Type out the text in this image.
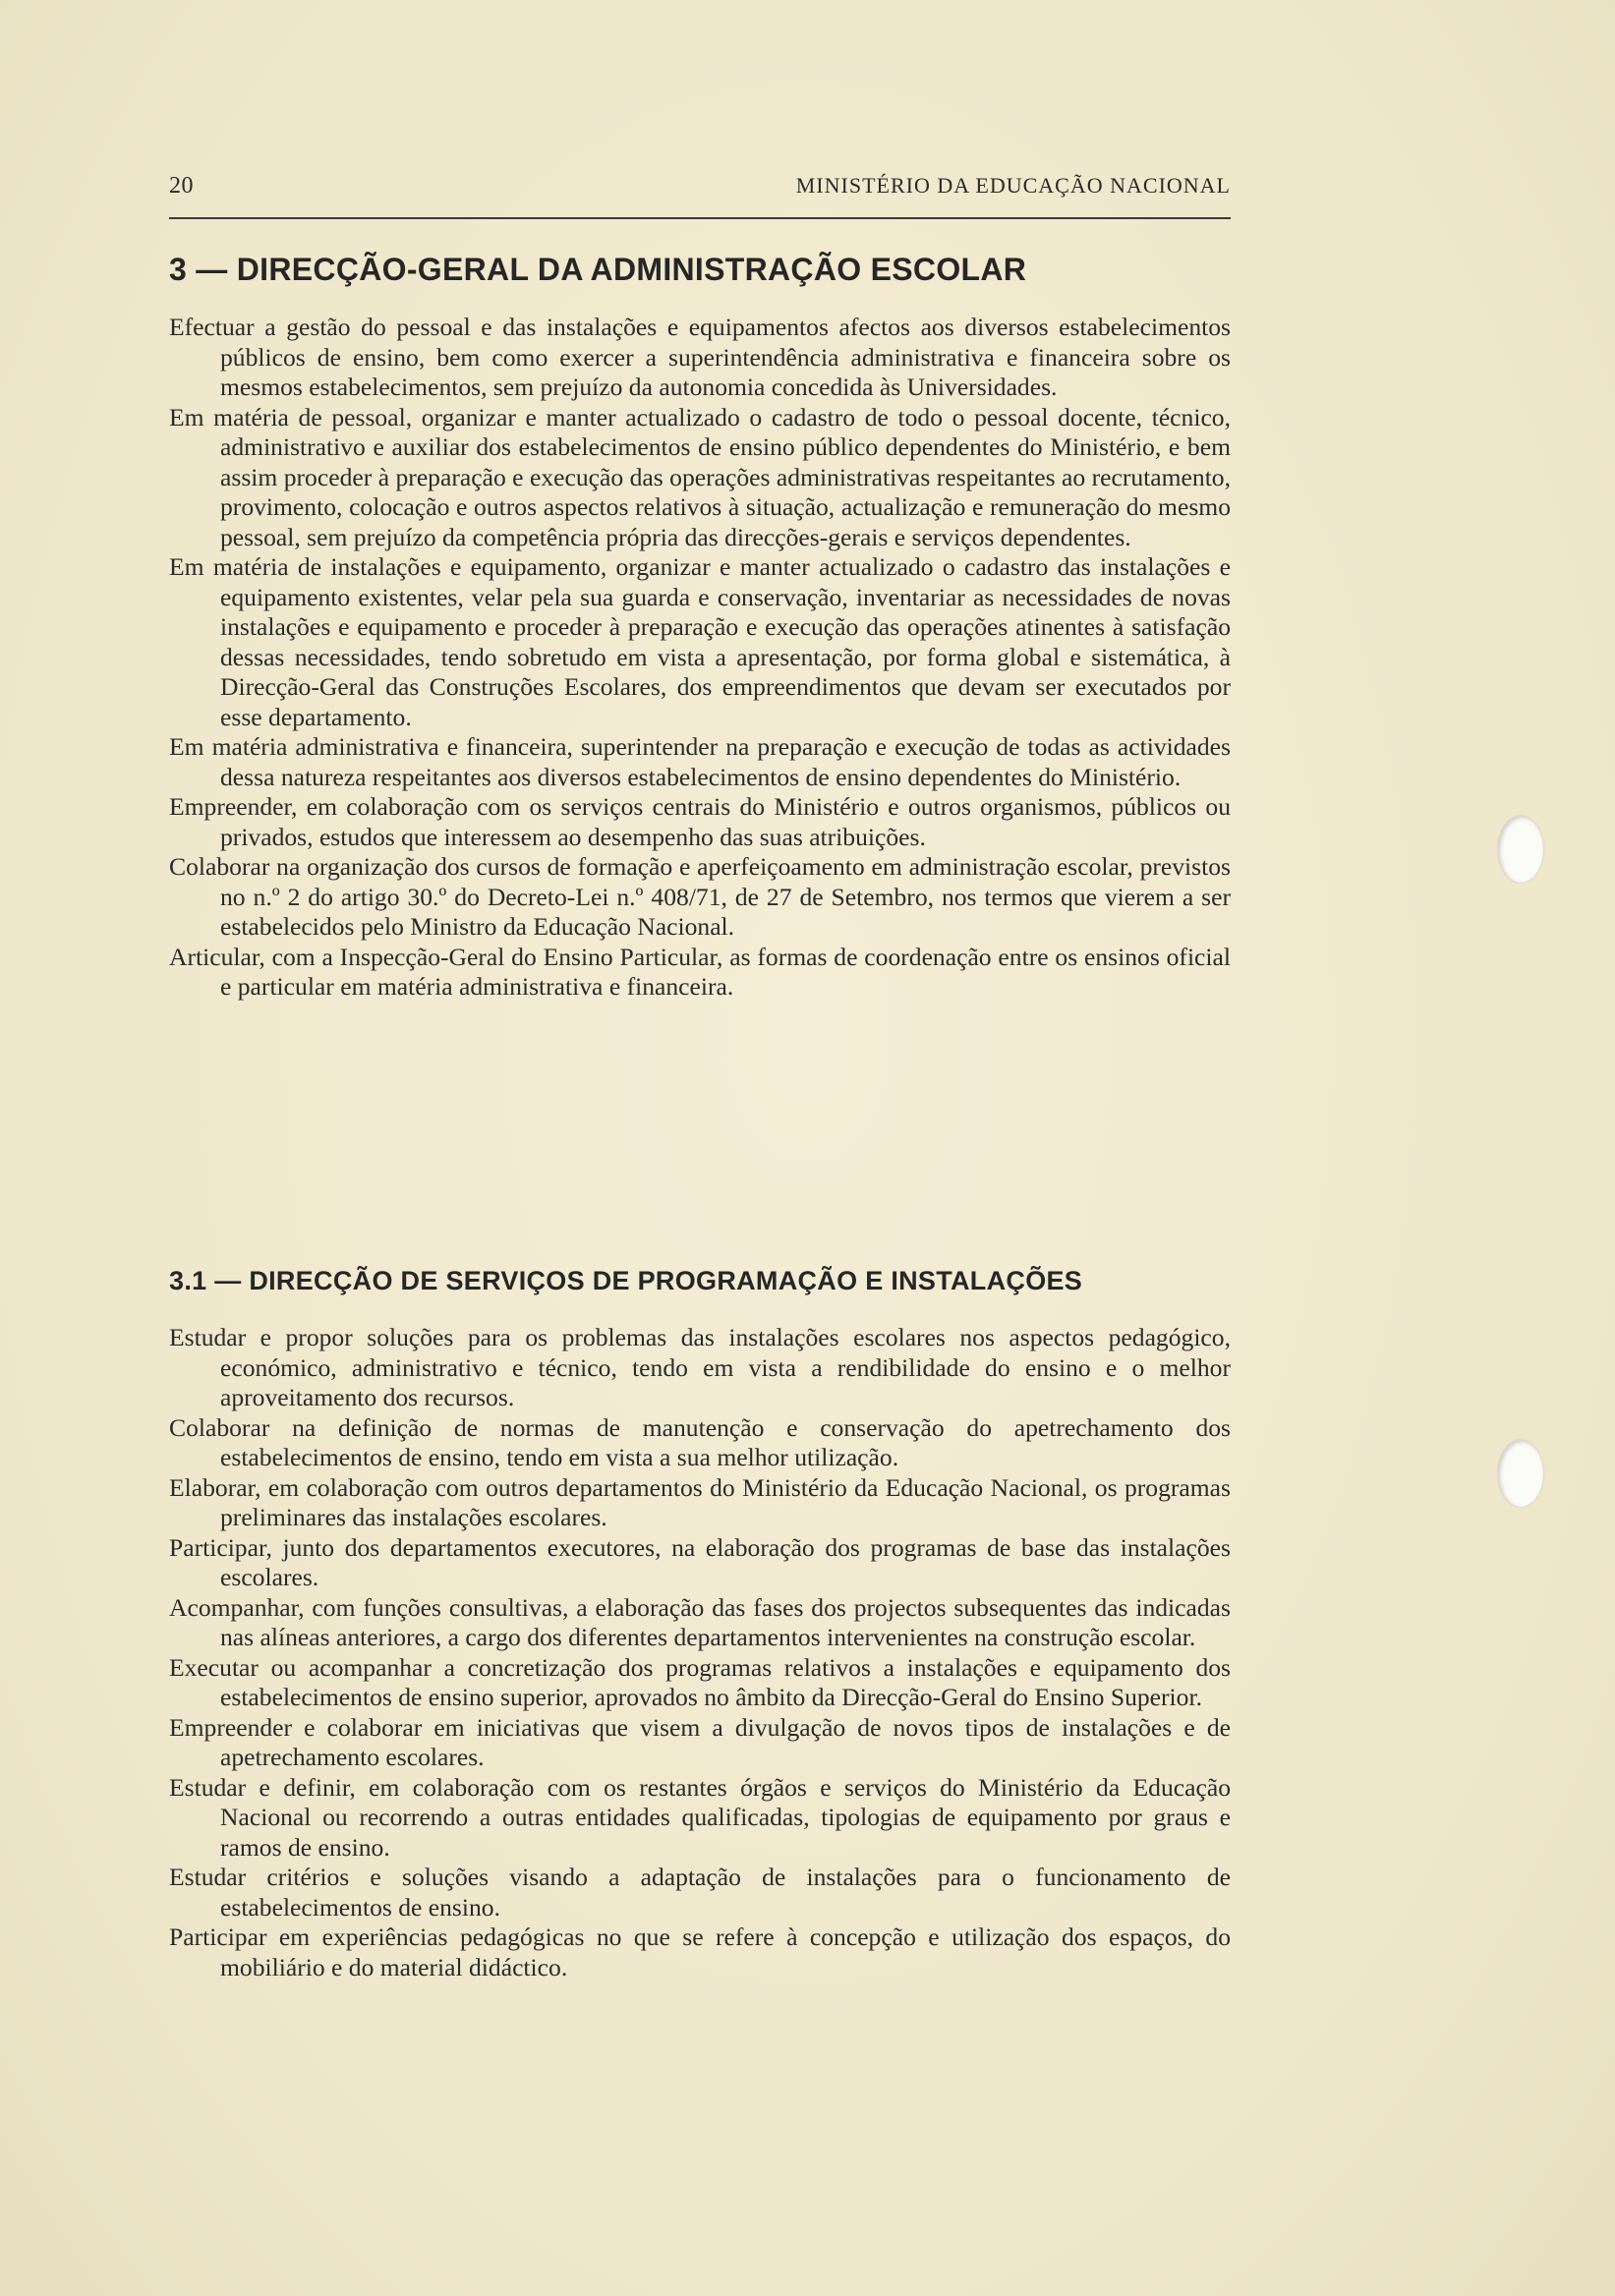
20	MINISTÉRIO DA EDUCAÇÃO NACIONAL
3 — DIRECÇÃO-GERAL DA ADMINISTRAÇÃO ESCOLAR

Efectuar a gestão do pessoal e das instalações e equipamentos afectos aos diversos estabelecimentos públicos de ensino, bem como exercer a superintendência administrativa e financeira sobre os mesmos estabelecimentos, sem prejuízo da autonomia concedida às Universidades.

Em matéria de pessoal, organizar e manter actualizado o cadastro de todo o pessoal docente, técnico, administrativo e auxiliar dos estabelecimentos de ensino público dependentes do Ministério, e bem assim proceder à preparação e execução das operações administrativas respeitantes ao recrutamento, provimento, colocação e outros aspectos relativos à situação, actualização e remuneração do mesmo pessoal, sem prejuízo da competência própria das direcções-gerais e serviços dependentes.

Em matéria de instalações e equipamento, organizar e manter actualizado o cadastro das instalações e equipamento existentes, velar pela sua guarda e conservação, inventariar as necessidades de novas instalações e equipamento e proceder à preparação e execução das operações atinentes à satisfação dessas necessidades, tendo sobretudo em vista a apresentação, por forma global e sistemática, à Direcção-Geral das Construções Escolares, dos empreendimentos que devam ser executados por esse departamento.

Em matéria administrativa e financeira, superintender na preparação e execução de todas as actividades dessa natureza respeitantes aos diversos estabelecimentos de ensino dependentes do Ministério.

Empreender, em colaboração com os serviços centrais do Ministério e outros organismos, públicos ou privados, estudos que interessem ao desempenho das suas atribuições.

Colaborar na organização dos cursos de formação e aperfeiçoamento em administração escolar, previstos no n.º 2 do artigo 30.º do Decreto-Lei n.º 408/71, de 27 de Setembro, nos termos que vierem a ser estabelecidos pelo Ministro da Educação Nacional.

Articular, com a Inspecção-Geral do Ensino Particular, as formas de coordenação entre os ensinos oficial e particular em matéria administrativa e financeira.

3.1 — DIRECÇÃO DE SERVIÇOS DE PROGRAMAÇÃO E INSTALAÇÕES

Estudar e propor soluções para os problemas das instalações escolares nos aspectos pedagógico, económico, administrativo e técnico, tendo em vista a rendibilidade do ensino e o melhor aproveitamento dos recursos.

Colaborar na definição de normas de manutenção e conservação do apetrechamento dos estabelecimentos de ensino, tendo em vista a sua melhor utilização.

Elaborar, em colaboração com outros departamentos do Ministério da Educação Nacional, os programas preliminares das instalações escolares.

Participar, junto dos departamentos executores, na elaboração dos programas de base das instalações escolares.

Acompanhar, com funções consultivas, a elaboração das fases dos projectos subsequentes das indicadas nas alíneas anteriores, a cargo dos diferentes departamentos intervenientes na construção escolar.

Executar ou acompanhar a concretização dos programas relativos a instalações e equipamento dos estabelecimentos de ensino superior, aprovados no âmbito da Direcção-Geral do Ensino Superior.

Empreender e colaborar em iniciativas que visem a divulgação de novos tipos de instalações e de apetrechamento escolares.

Estudar e definir, em colaboração com os restantes órgãos e serviços do Ministério da Educação Nacional ou recorrendo a outras entidades qualificadas, tipologias de equipamento por graus e ramos de ensino.

Estudar critérios e soluções visando a adaptação de instalações para o funcionamento de estabelecimentos de ensino.

Participar em experiências pedagógicas no que se refere à concepção e utilização dos espaços, do mobiliário e do material didáctico.
